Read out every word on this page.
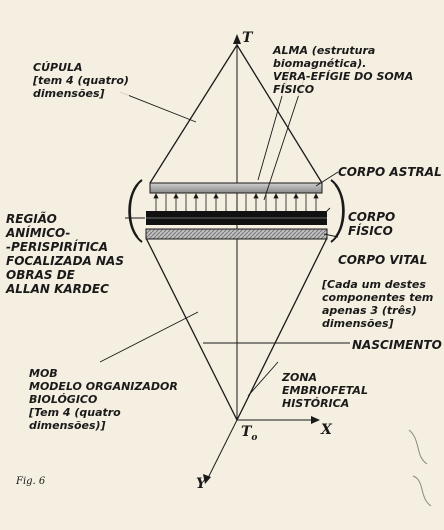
T
X
Y
$T_o$

CÚPULA
[tem 4 (quatro)
dimensões]

ALMA (estrutura
biomagnética).
VERA-EFÍGIE DO SOMA
FÍSICO

CORPO ASTRAL

CORPO FÍSICO

CORPO VITAL

REGIÃO
ANÍMICO-
-PERISPIRÍTICA
FOCALIZADA NAS
OBRAS DE
ALLAN KARDEC	[Cada um destes
componentes tem
apenas 3 (três)
dimensões]

NASCIMENTO

MOB
MODELO ORGANIZADOR
BIOLÓGICO
[Tem 4 (quatro
dimensões)]

ZONA
EMBRIOFETAL
HISTÓRICA

Fig. 6
